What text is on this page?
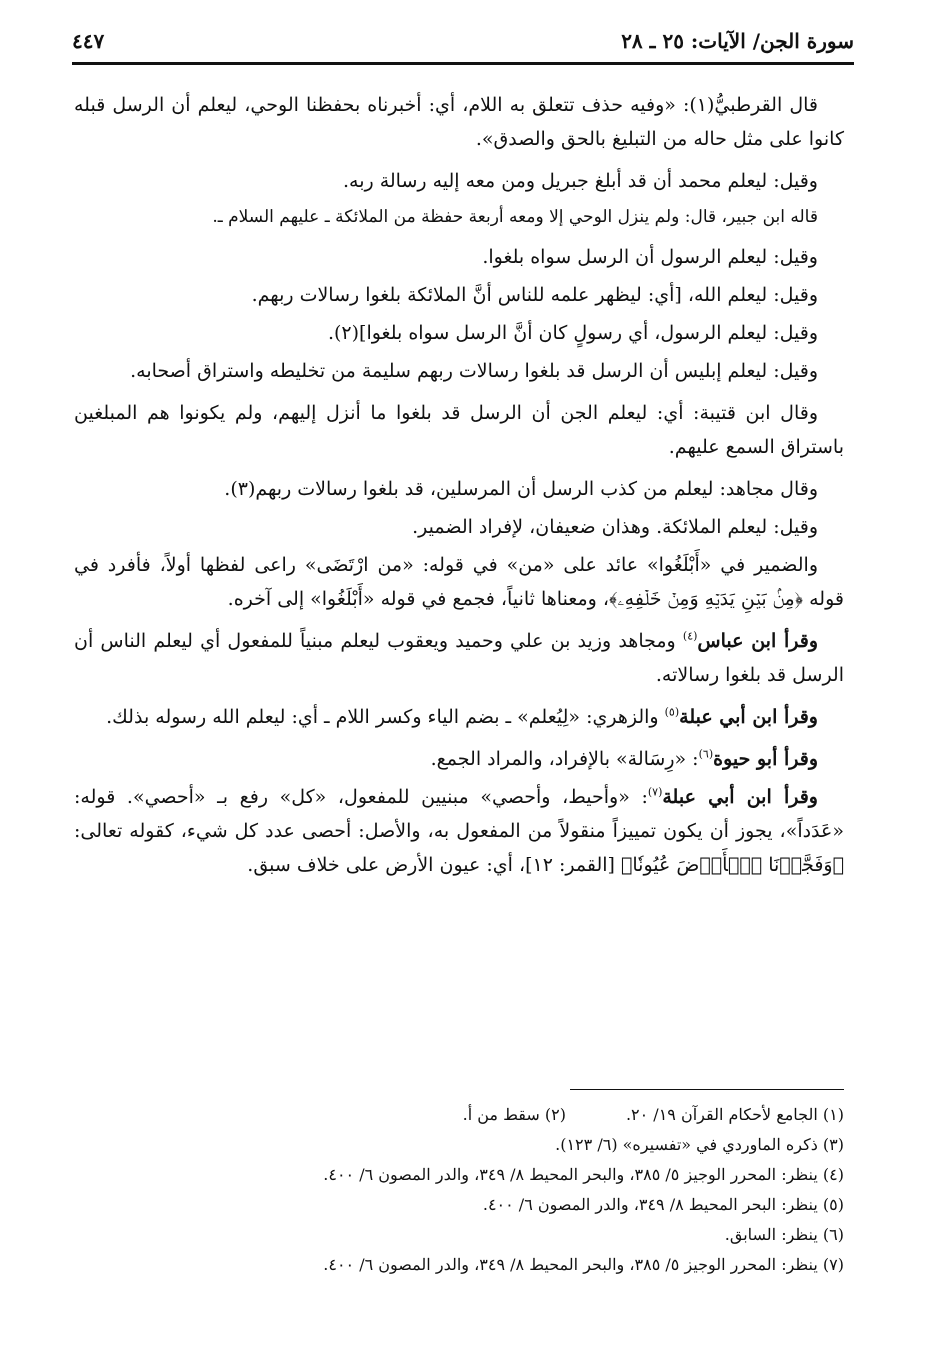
سورة الجن/ الآيات: ٢٥ ـ ٢٨
٤٤٧

قال القرطبيُّ(١): «وفيه حذف تتعلق به اللام، أي: أخبرناه بحفظنا الوحي، ليعلم أن الرسل قبله كانوا على مثل حاله من التبليغ بالحق والصدق».

وقيل: ليعلم محمد أن قد أبلغ جبريل ومن معه إليه رسالة ربه.

قاله ابن جبير، قال: ولم ينزل الوحي إلا ومعه أربعة حفظة من الملائكة ـ عليهم السلام ـ.

وقيل: ليعلم الرسول أن الرسل سواه بلغوا.

وقيل: ليعلم الله، [أي: ليظهر علمه للناس أنَّ الملائكة بلغوا رسالات ربهم.

وقيل: ليعلم الرسول، أي رسولٍ كان أنَّ الرسل سواه بلغوا](٢).

وقيل: ليعلم إبليس أن الرسل قد بلغوا رسالات ربهم سليمة من تخليطه واستراق أصحابه.

وقال ابن قتيبة: أي: ليعلم الجن أن الرسل قد بلغوا ما أنزل إليهم، ولم يكونوا هم المبلغين باستراق السمع عليهم.

وقال مجاهد: ليعلم من كذب الرسل أن المرسلين، قد بلغوا رسالات ربهم(٣).

وقيل: ليعلم الملائكة. وهذان ضعيفان، لإفراد الضمير.

والضمير في «أَبْلَغُوا» عائد على «من» في قوله: «من ارْتَضَى» راعى لفظها أولاً، فأفرد في قوله ﴿مِنۢ بَيۡنِ يَدَيۡهِ وَمِنۡ خَلۡفِهِۦ﴾، ومعناها ثانياً، فجمع في قوله «أَبْلَغُوا» إلى آخره.

وقرأ ابن عباس$^{(٤)}$ ومجاهد وزيد بن علي وحميد ويعقوب ليعلم مبنياً للمفعول أي ليعلم الناس أن الرسل قد بلغوا رسالاته.

وقرأ ابن أبي عبلة$^{(٥)}$ والزهري: «لِيُعلم» ـ بضم الياء وكسر اللام ـ أي: ليعلم الله رسوله بذلك.

وقرأ أبو حيوة$^{(٦)}$: «رِسَالة» بالإفراد، والمراد الجمع.

وقرأ ابن أبي عبلة$^{(٧)}$: «وأحيط، وأحصي» مبنيين للمفعول، «كل» رفع بـ «أحصي». قوله: «عَدَداً»، يجوز أن يكون تمييزاً منقولاً من المفعول به، والأصل: أحصى عدد كل شيء، كقوله تعالى: ﴿وَفَجَّرۡنَا ٱلۡأَرۡضَ عُيُونٗا﴾ [القمر: ١٢]، أي: عيون الأرض على خلاف سبق.

(١) الجامع لأحكام القرآن ١٩/ ٢٠.
(٢) سقط من أ.
(٣) ذكره الماوردي في «تفسيره» (٦/ ١٢٣).
(٤) ينظر: المحرر الوجيز ٥/ ٣٨٥، والبحر المحيط ٨/ ٣٤٩، والدر المصون ٦/ ٤٠٠.
(٥) ينظر: البحر المحيط ٨/ ٣٤٩، والدر المصون ٦/ ٤٠٠.
(٦) ينظر: السابق.
(٧) ينظر: المحرر الوجيز ٥/ ٣٨٥، والبحر المحيط ٨/ ٣٤٩، والدر المصون ٦/ ٤٠٠.
